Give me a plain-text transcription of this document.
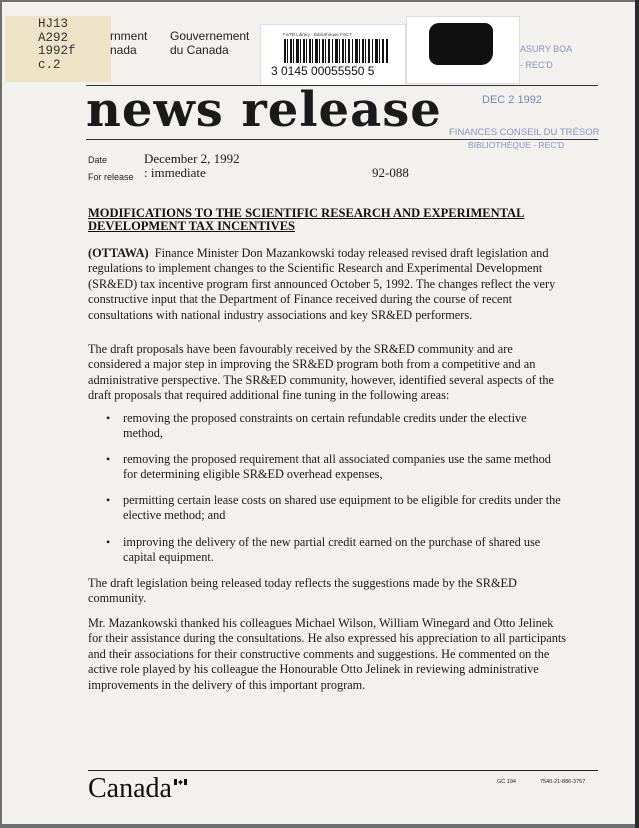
HJ13
A292
1992f
c.2
rnment
nada
Gouvernement
du Canada
FinTB Library - Bibliothèque FinCT
3 0145 00055550 5
ASURY BOA
- REC'D
DEC 2 1992
FINANCES CONSEIL DU TRÉSOR
BIBLIOTHÈQUE - REC'D
news release
Date	December 2, 1992
For release : immediate	92-088
MODIFICATIONS TO THE SCIENTIFIC RESEARCH AND EXPERIMENTAL DEVELOPMENT TAX INCENTIVES

(OTTAWA) Finance Minister Don Mazankowski today released revised draft legislation and regulations to implement changes to the Scientific Research and Experimental Development (SR&ED) tax incentive program first announced October 5, 1992. The changes reflect the very constructive input that the Department of Finance received during the course of recent consultations with national industry associations and key SR&ED performers.

The draft proposals have been favourably received by the SR&ED community and are considered a major step in improving the SR&ED program both from a competitive and an administrative perspective. The SR&ED community, however, identified several aspects of the draft proposals that required additional fine tuning in the following areas:

• removing the proposed constraints on certain refundable credits under the elective method,
• removing the proposed requirement that all associated companies use the same method for determining eligible SR&ED overhead expenses,
• permitting certain lease costs on shared use equipment to be eligible for credits under the elective method; and
• improving the delivery of the new partial credit earned on the purchase of shared use capital equipment.

The draft legislation being released today reflects the suggestions made by the SR&ED community.

Mr. Mazankowski thanked his colleagues Michael Wilson, William Winegard and Otto Jelinek for their assistance during the consultations. He also expressed his appreciation to all participants and their associations for their constructive comments and suggestions. He commented on the active role played by his colleague the Honourable Otto Jelinek in reviewing administrative improvements in the delivery of this important program.

Canada	GC 194	7540-21-886-3757
